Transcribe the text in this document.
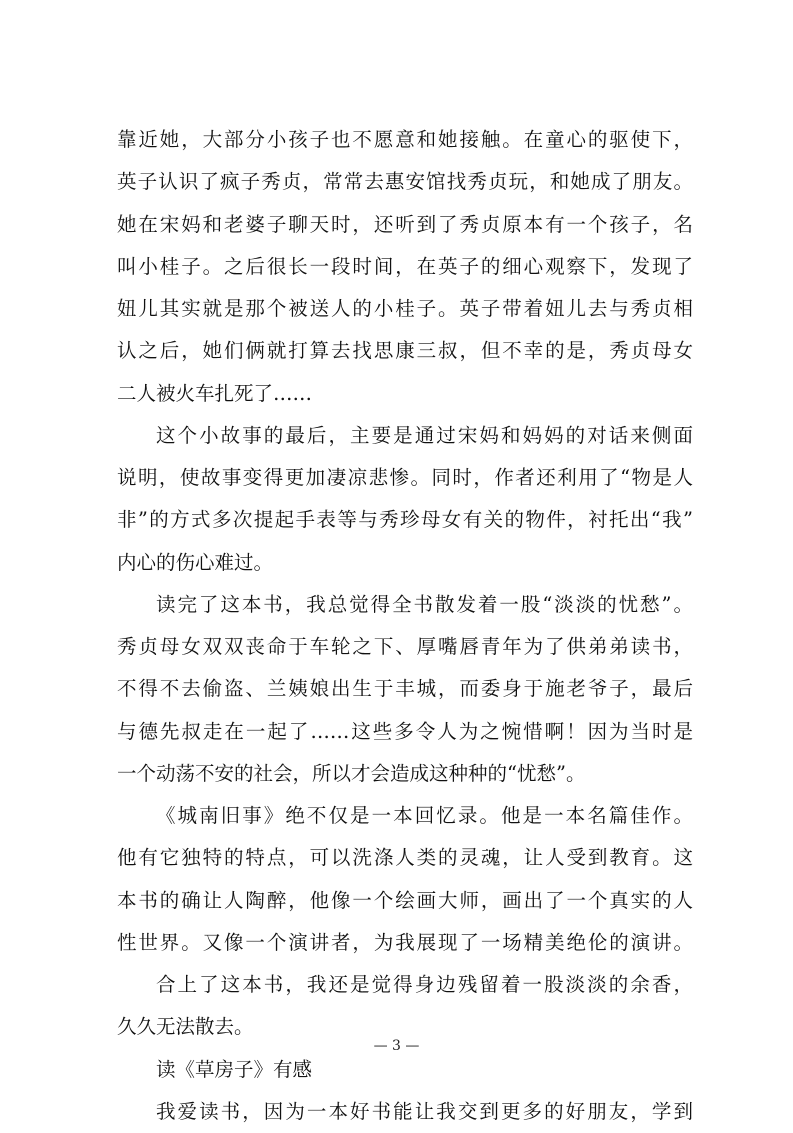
靠近她，大部分小孩子也不愿意和她接触。在童心的驱使下，
英子认识了疯子秀贞，常常去惠安馆找秀贞玩，和她成了朋友。
她在宋妈和老婆子聊天时，还听到了秀贞原本有一个孩子，名
叫小桂子。之后很长一段时间，在英子的细心观察下，发现了
妞儿其实就是那个被送人的小桂子。英子带着妞儿去与秀贞相
认之后，她们俩就打算去找思康三叔，但不幸的是，秀贞母女
二人被火车扎死了……
这个小故事的最后，主要是通过宋妈和妈妈的对话来侧面
说明，使故事变得更加凄凉悲惨。同时，作者还利用了“物是人
非”的方式多次提起手表等与秀珍母女有关的物件，衬托出“我”
内心的伤心难过。
读完了这本书，我总觉得全书散发着一股“淡淡的忧愁”。
秀贞母女双双丧命于车轮之下、厚嘴唇青年为了供弟弟读书，
不得不去偷盗、兰姨娘出生于丰城，而委身于施老爷子，最后
与德先叔走在一起了……这些多令人为之惋惜啊！因为当时是
一个动荡不安的社会，所以才会造成这种种的“忧愁”。
《城南旧事》绝不仅是一本回忆录。他是一本名篇佳作。
他有它独特的特点，可以洗涤人类的灵魂，让人受到教育。这
本书的确让人陶醉，他像一个绘画大师，画出了一个真实的人
性世界。又像一个演讲者，为我展现了一场精美绝伦的演讲。
合上了这本书，我还是觉得身边残留着一股淡淡的余香，
久久无法散去。
读《草房子》有感
我爱读书，因为一本好书能让我交到更多的好朋友，学到
— 3 —
